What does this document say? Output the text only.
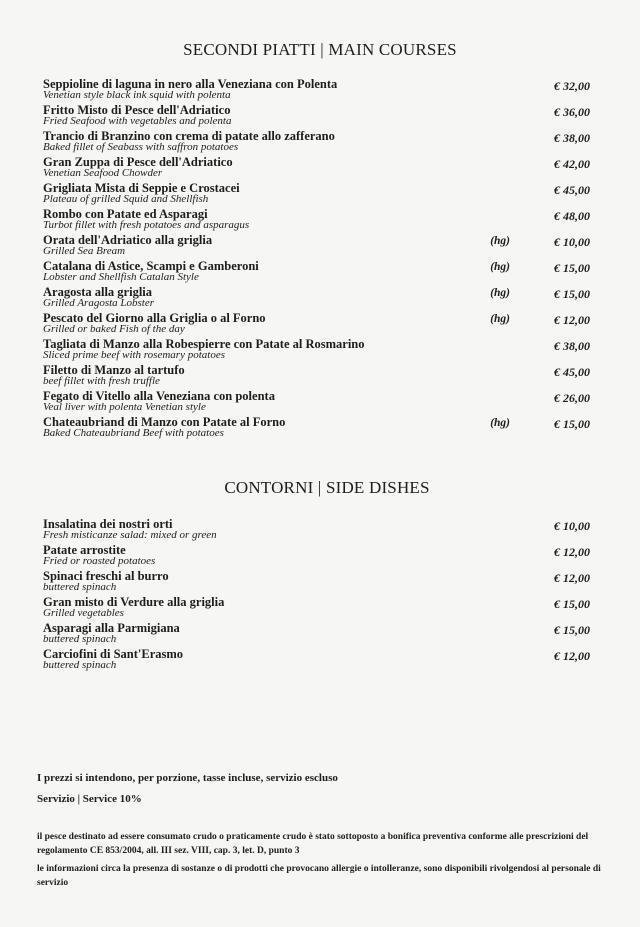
SECONDI PIATTI | MAIN COURSES
Seppioline di laguna in nero alla Veneziana con Polenta
Venetian style black ink squid with polenta
€ 32,00
Fritto Misto di Pesce dell'Adriatico
Fried Seafood with vegetables and polenta
€ 36,00
Trancio di Branzino con crema di patate allo zafferano
Baked fillet of Seabass with saffron potatoes
€ 38,00
Gran Zuppa di Pesce dell'Adriatico
Venetian Seafood Chowder
€ 42,00
Grigliata Mista di Seppie e Crostacei
Plateau of grilled Squid and Shellfish
€ 45,00
Rombo con Patate ed Asparagi
Turbot fillet with fresh potatoes and asparagus
€ 48,00
Orata dell'Adriatico alla griglia
Grilled Sea Bream
(hg)	€ 10,00
Catalana di Astice, Scampi e Gamberoni
Lobster and Shellfish Catalan Style
(hg)	€ 15,00
Aragosta alla griglia
Grilled Aragosta Lobster
(hg)	€ 15,00
Pescato del Giorno alla Griglia o al Forno
Grilled or baked Fish of the day
(hg)	€ 12,00
Tagliata di Manzo alla Robespierre con Patate al Rosmarino
Sliced prime beef with rosemary potatoes
€ 38,00
Filetto di Manzo al tartufo
beef fillet with fresh truffle
€ 45,00
Fegato di Vitello alla Veneziana con polenta
Veal liver with polenta Venetian style
€ 26,00
Chateaubriand di Manzo con Patate al Forno
Baked Chateaubriand Beef with potatoes
(hg)	€ 15,00
CONTORNI | SIDE DISHES
Insalatina dei nostri orti
Fresh misticanze salad: mixed or green
€ 10,00
Patate arrostite
Fried or roasted potatoes
€ 12,00
Spinaci freschi al burro
buttered spinach
€ 12,00
Gran misto di Verdure alla griglia
Grilled vegetables
€ 15,00
Asparagi alla Parmigiana
buttered spinach
€ 15,00
Carciofini di Sant'Erasmo
buttered spinach
€ 12,00
I prezzi si intendono, per porzione, tasse incluse, servizio escluso
Servizio | Service 10%
il pesce destinato ad essere consumato crudo o praticamente crudo è stato sottoposto a bonifica preventiva conforme alle prescrizioni del regolamento CE 853/2004, all. III sez. VIII, cap. 3, let. D, punto 3
le informazioni circa la presenza di sostanze o di prodotti che provocano allergie o intolleranze, sono disponibili rivolgendosi al personale di servizio
